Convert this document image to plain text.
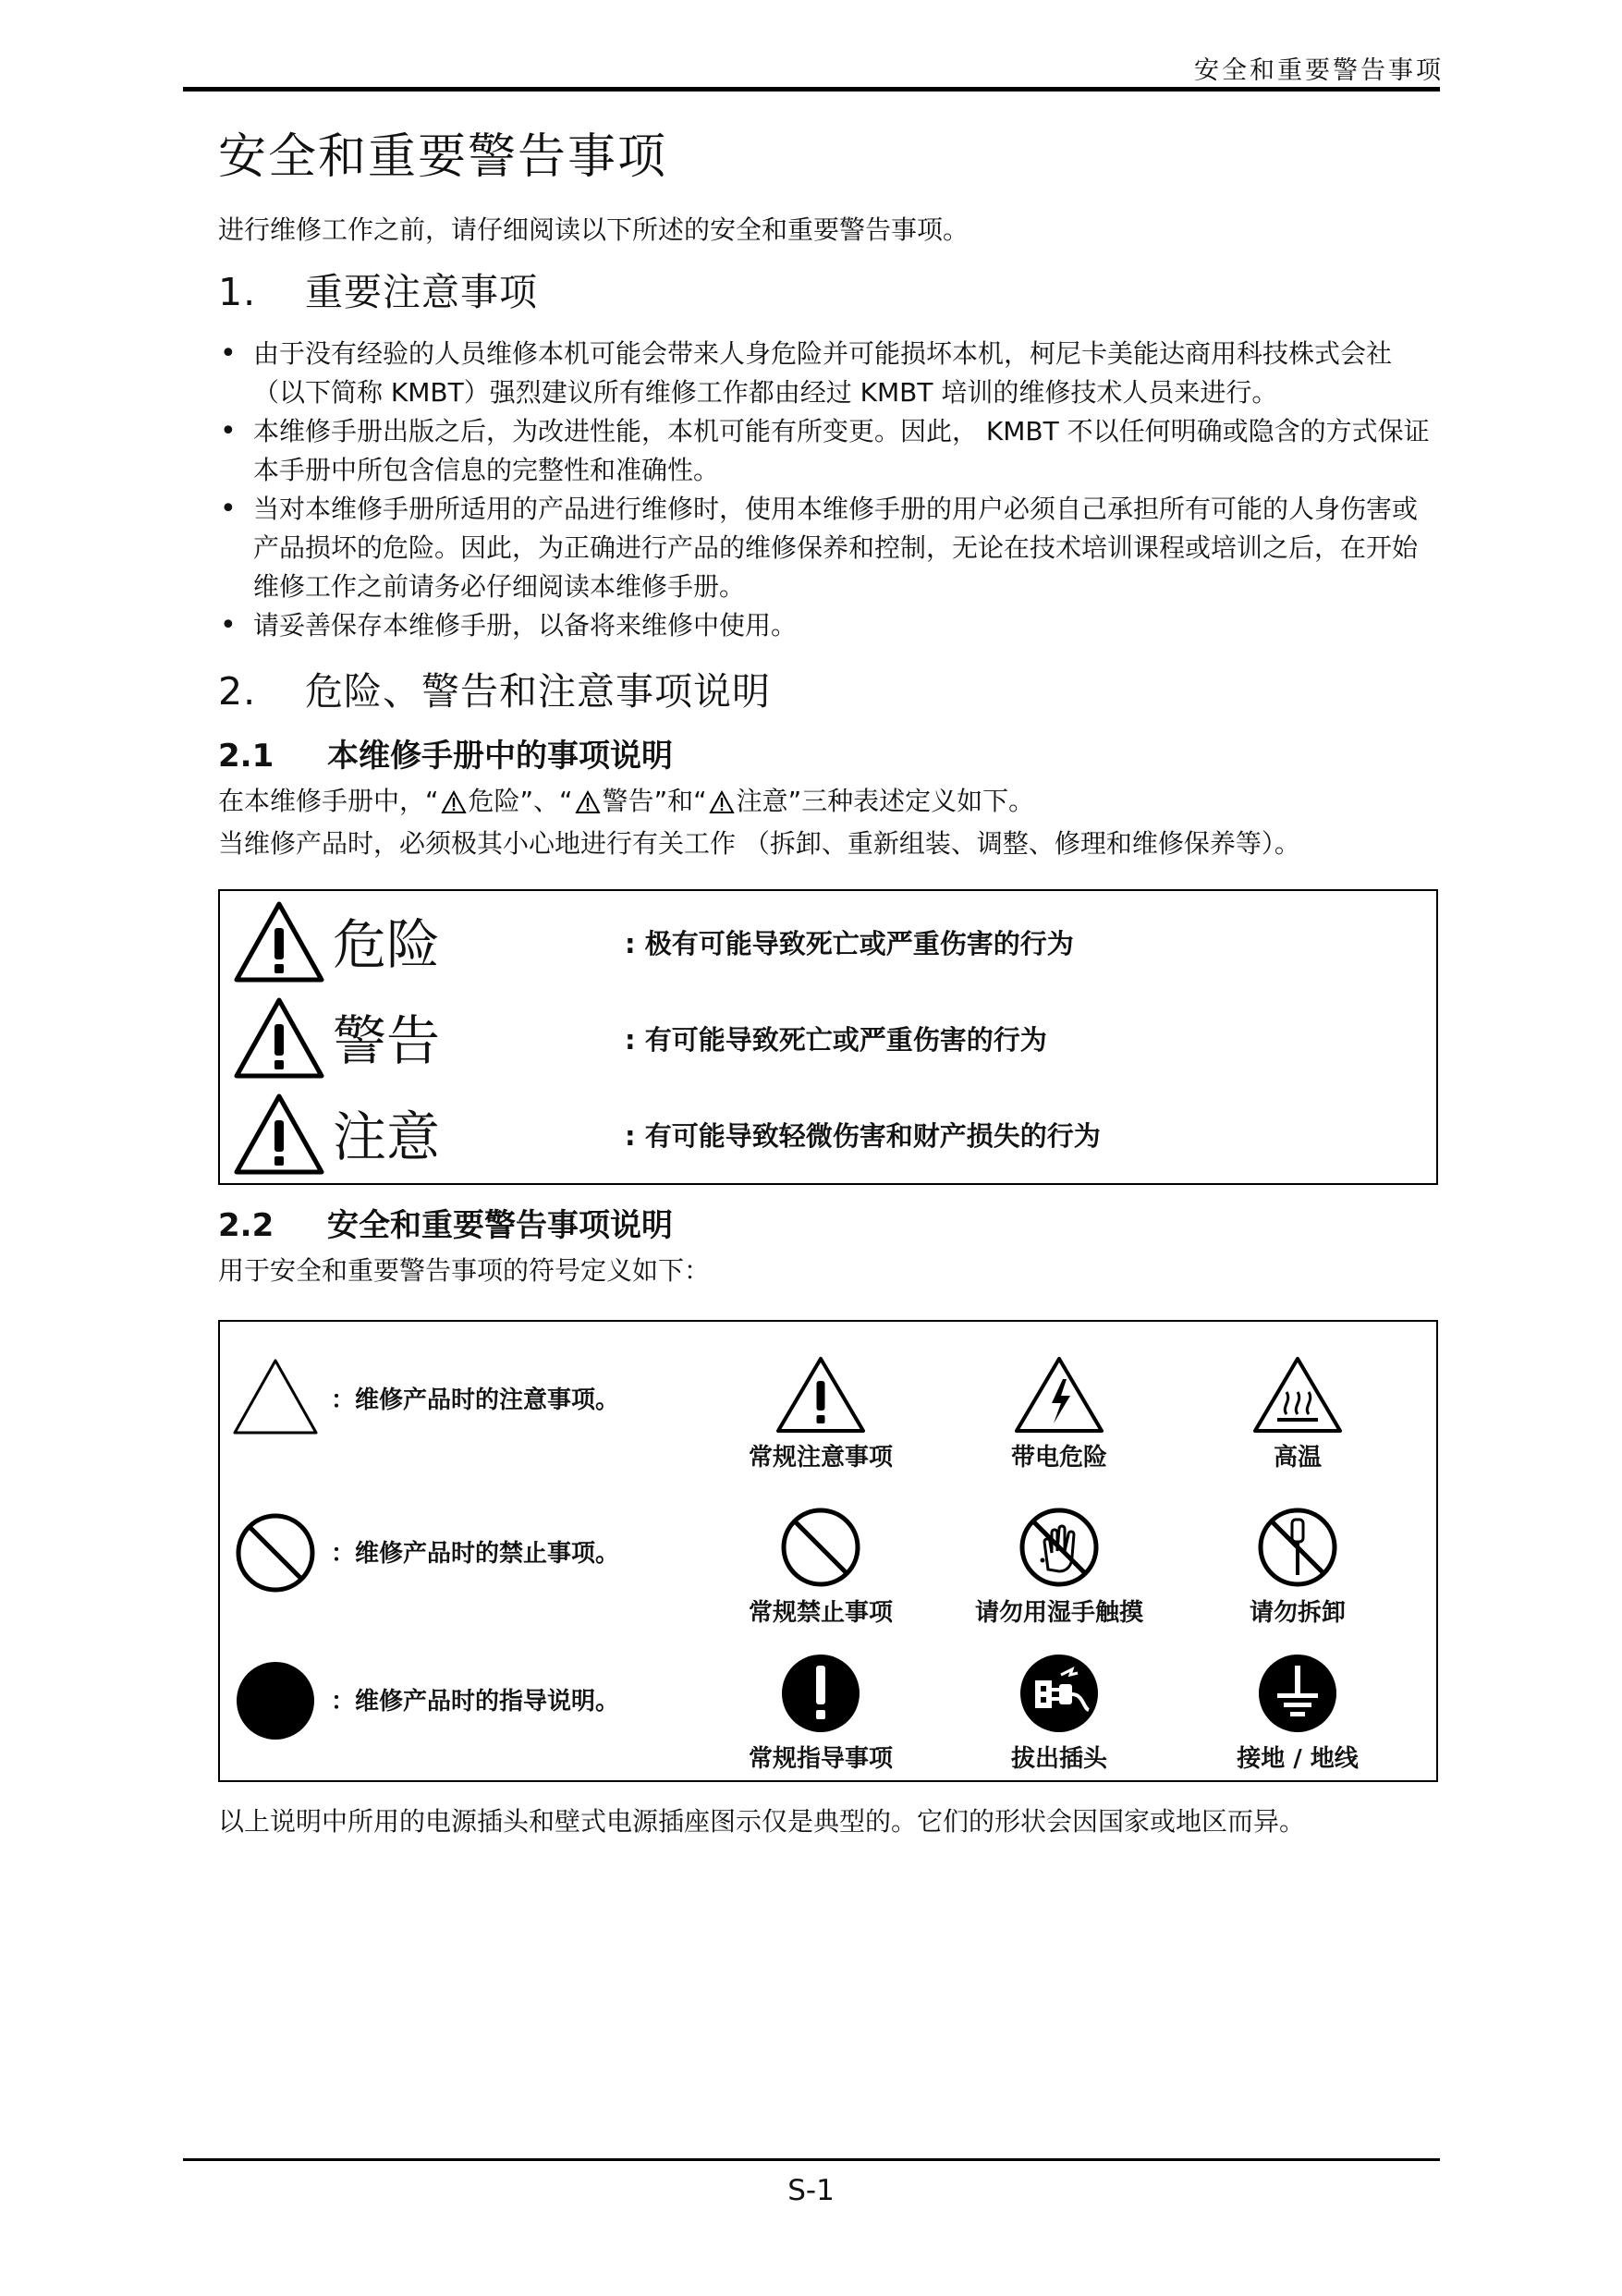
安全和重要警告事项
安全和重要警告事项

进行维修工作之前，请仔细阅读以下所述的安全和重要警告事项。

1. 重要注意事项
• 由于没有经验的人员维修本机可能会带来人身危险并可能损坏本机，柯尼卡美能达商用科技株式会社 （以下简称 KMBT）强烈建议所有维修工作都由经过 KMBT 培训的维修技术人员来进行。
• 本维修手册出版之后，为改进性能，本机可能有所变更。因此， KMBT 不以任何明确或隐含的方式保证本手册中所包含信息的完整性和准确性。
• 当对本维修手册所适用的产品进行维修时，使用本维修手册的用户必须自己承担所有可能的人身伤害或产品损坏的危险。因此，为正确进行产品的维修保养和控制，无论在技术培训课程或培训之后，在开始维修工作之前请务必仔细阅读本维修手册。
• 请妥善保存本维修手册，以备将来维修中使用。
2. 危险、警告和注意事项说明
2.1 本维修手册中的事项说明

在本维修手册中，“ 危险”、“ 警告”和“ 注意”三种表述定义如下。

当维修产品时，必须极其小心地进行有关工作 （拆卸、重新组装、调整、修理和维修保养等）。

危险	: 极有可能导致死亡或严重伤害的行为
警告	: 有可能导致死亡或严重伤害的行为
注意	: 有可能导致轻微伤害和财产损失的行为
2.2 安全和重要警告事项说明

用于安全和重要警告事项的符号定义如下：

：维修产品时的注意事项。
常规注意事项	带电危险	高温
：维修产品时的禁止事项。
常规禁止事项	请勿用湿手触摸	请勿拆卸
：维修产品时的指导说明。
常规指导事项	拔出插头	接地 / 地线

以上说明中所用的电源插头和壁式电源插座图示仅是典型的。它们的形状会因国家或地区而异。

S-1
